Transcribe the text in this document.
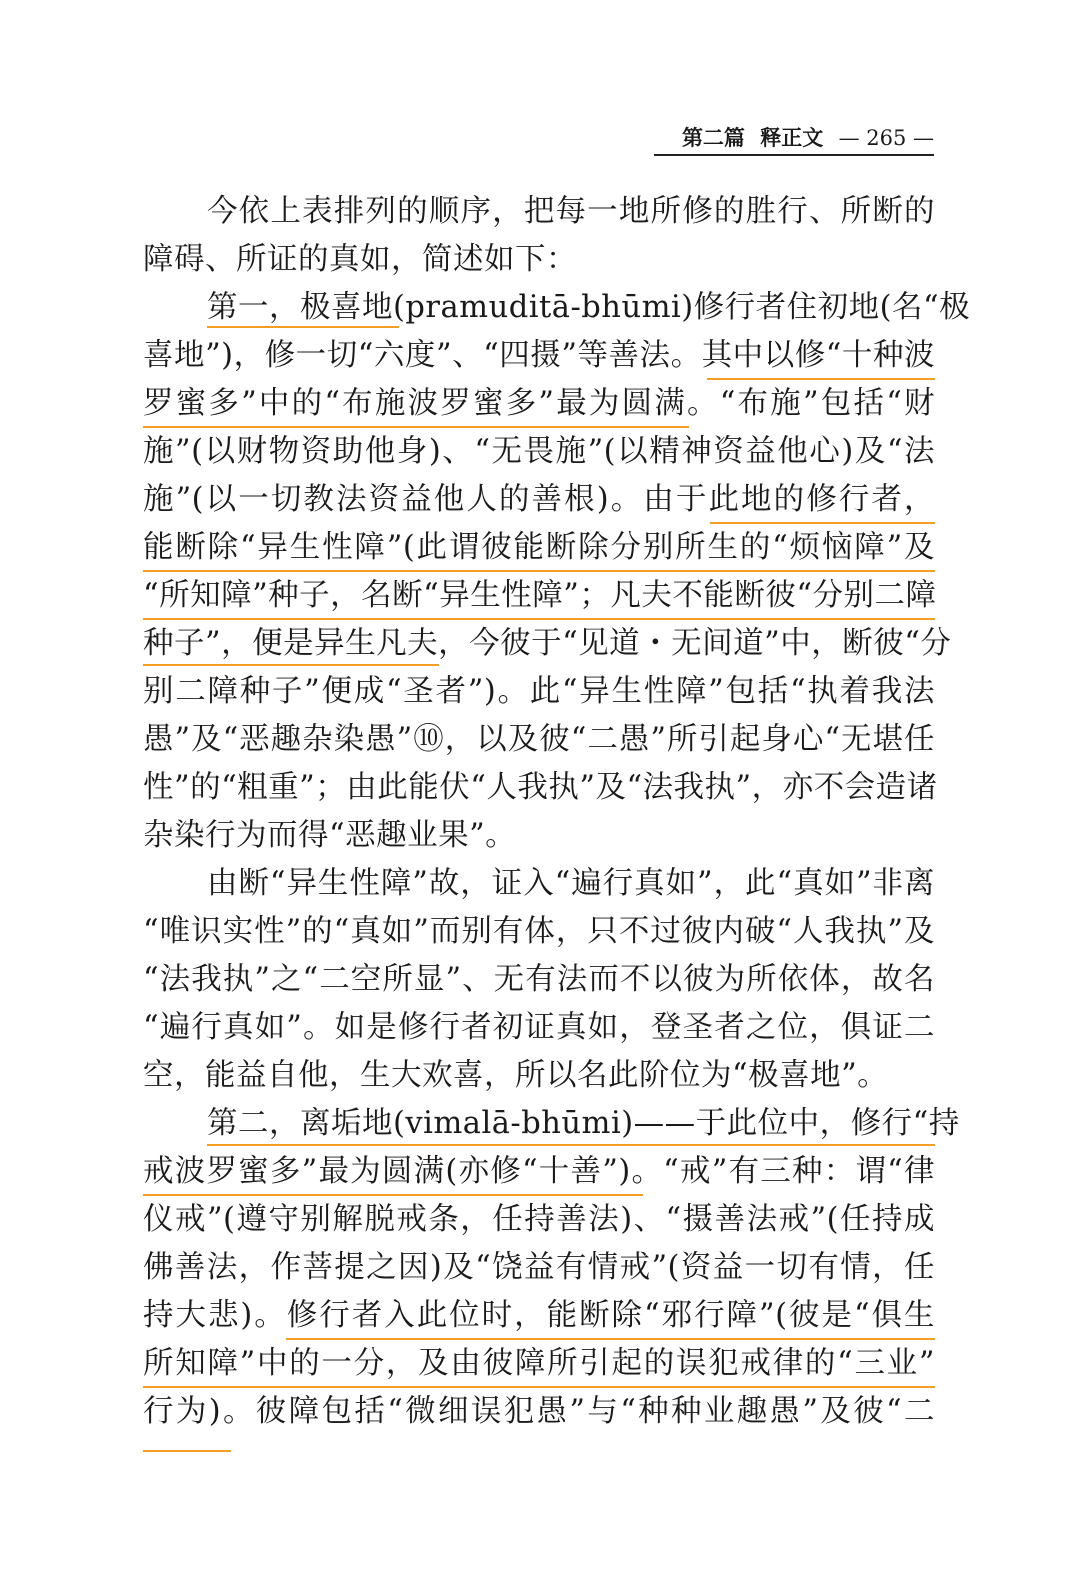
第二篇 释正文 — 265 —
今依上表排列的顺序，把每一地所修的胜行、所断的
障碍、所证的真如，简述如下：
第一，极喜地(pramuditā-bhūmi)修行者住初地(名“极
喜地”)，修一切“六度”、“四摄”等善法。其中以修“十种波
罗蜜多”中的“布施波罗蜜多”最为圆满。“布施”包括“财
施”(以财物资助他身)、“无畏施”(以精神资益他心)及“法
施”(以一切教法资益他人的善根)。由于此地的修行者，
能断除“异生性障”(此谓彼能断除分别所生的“烦恼障”及
“所知障”种子，名断“异生性障”；凡夫不能断彼“分别二障
种子”，便是异生凡夫，今彼于“见道・无间道”中，断彼“分
别二障种子”便成“圣者”)。此“异生性障”包括“执着我法
愚”及“恶趣杂染愚”⑩，以及彼“二愚”所引起身心“无堪任
性”的“粗重”；由此能伏“人我执”及“法我执”，亦不会造诸
杂染行为而得“恶趣业果”。
由断“异生性障”故，证入“遍行真如”，此“真如”非离
“唯识实性”的“真如”而别有体，只不过彼内破“人我执”及
“法我执”之“二空所显”、无有法而不以彼为所依体，故名
“遍行真如”。如是修行者初证真如，登圣者之位，俱证二
空，能益自他，生大欢喜，所以名此阶位为“极喜地”。
第二，离垢地(vimalā-bhūmi)——于此位中，修行“持
戒波罗蜜多”最为圆满(亦修“十善”)。“戒”有三种：谓“律
仪戒”(遵守别解脱戒条，任持善法)、“摄善法戒”(任持成
佛善法，作菩提之因)及“饶益有情戒”(资益一切有情，任
持大悲)。修行者入此位时，能断除“邪行障”(彼是“俱生
所知障”中的一分，及由彼障所引起的误犯戒律的“三业”
行为)。彼障包括“微细误犯愚”与“种种业趣愚”及彼“二
